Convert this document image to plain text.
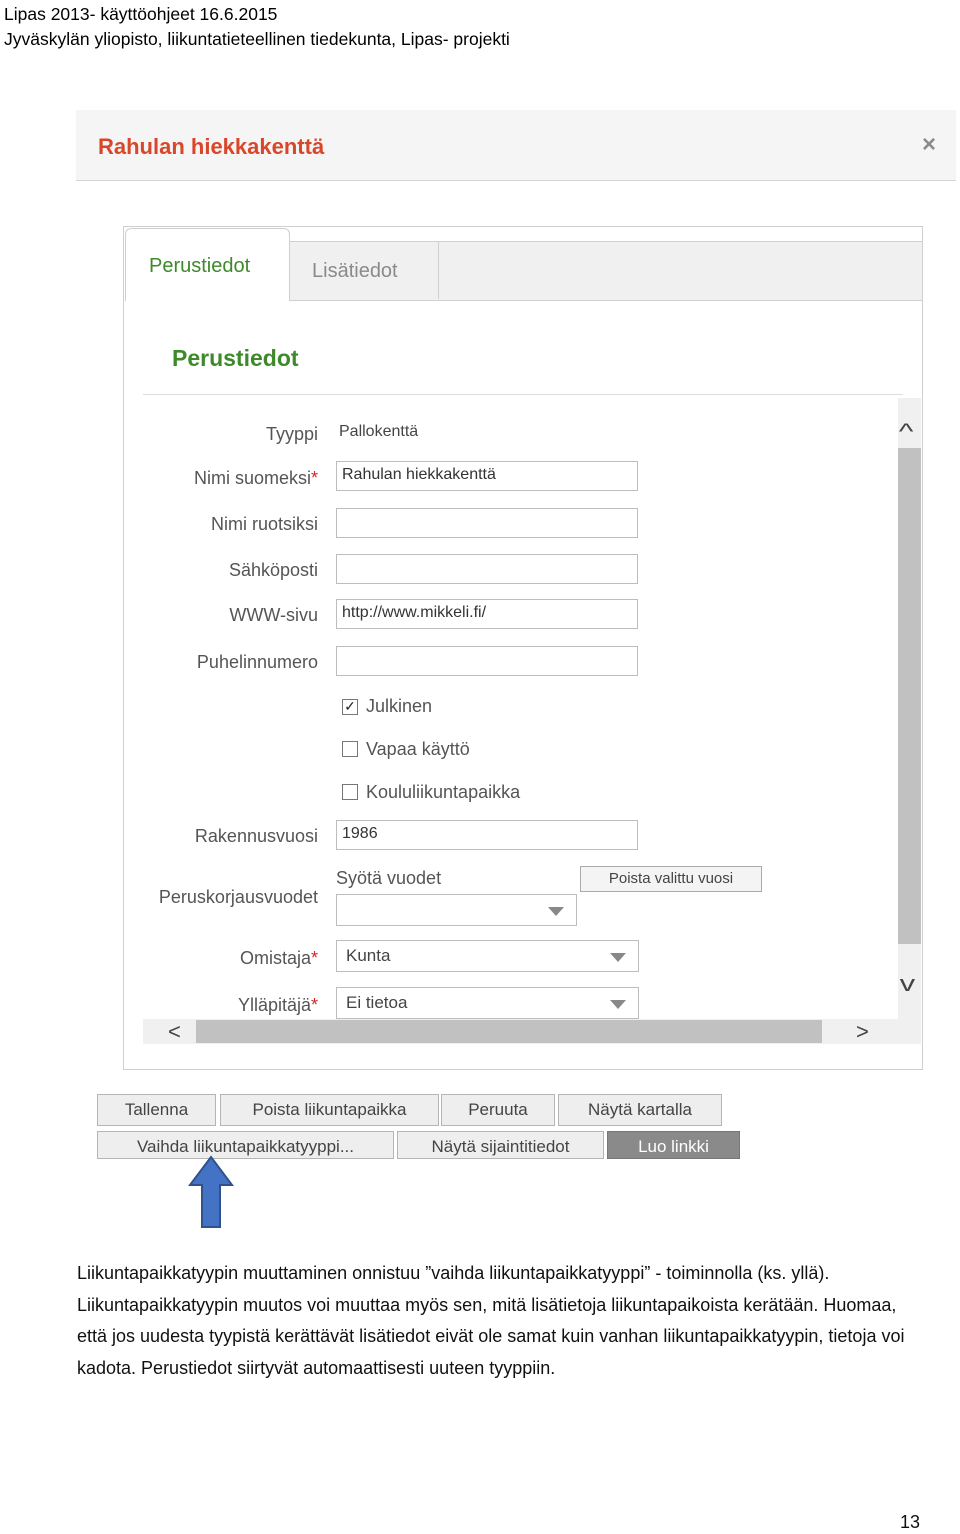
Lipas 2013- käyttöohjeet 16.6.2015
Jyväskylän yliopisto, liikuntatieteellinen tiedekunta, Lipas- projekti
Rahulan hiekkakenttä	×
Perustiedot	Lisätiedot
Perustiedot
Tyyppi Pallokenttä
Nimi suomeksi*	Rahulan hiekkakenttä
Nimi ruotsiksi
Sähköposti
WWW-sivu	http://www.mikkeli.fi/
Puhelinnumero
✓ Julkinen
Vapaa käyttö
Koululiikuntapaikka
Rakennusvuosi	1986
Peruskorjausvuodet
Syötä vuodet	Poista valittu vuosi
Omistaja*	Kunta
Ylläpitäjä*	Ei tietoa
^
v
<	>
Tallenna	Poista liikuntapaikka	Peruuta	Näytä kartalla
Vaihda liikuntapaikkatyyppi...	Näytä sijaintitiedot	Luo linkki
Liikuntapaikkatyypin muuttaminen onnistuu ”vaihda liikuntapaikkatyyppi” - toiminnolla (ks. yllä). Liikuntapaikkatyypin muutos voi muuttaa myös sen, mitä lisätietoja liikuntapaikoista kerätään. Huomaa, että jos uudesta tyypistä kerättävät lisätiedot eivät ole samat kuin vanhan liikuntapaikkatyypin, tietoja voi kadota. Perustiedot siirtyvät automaattisesti uuteen tyyppiin.
13
